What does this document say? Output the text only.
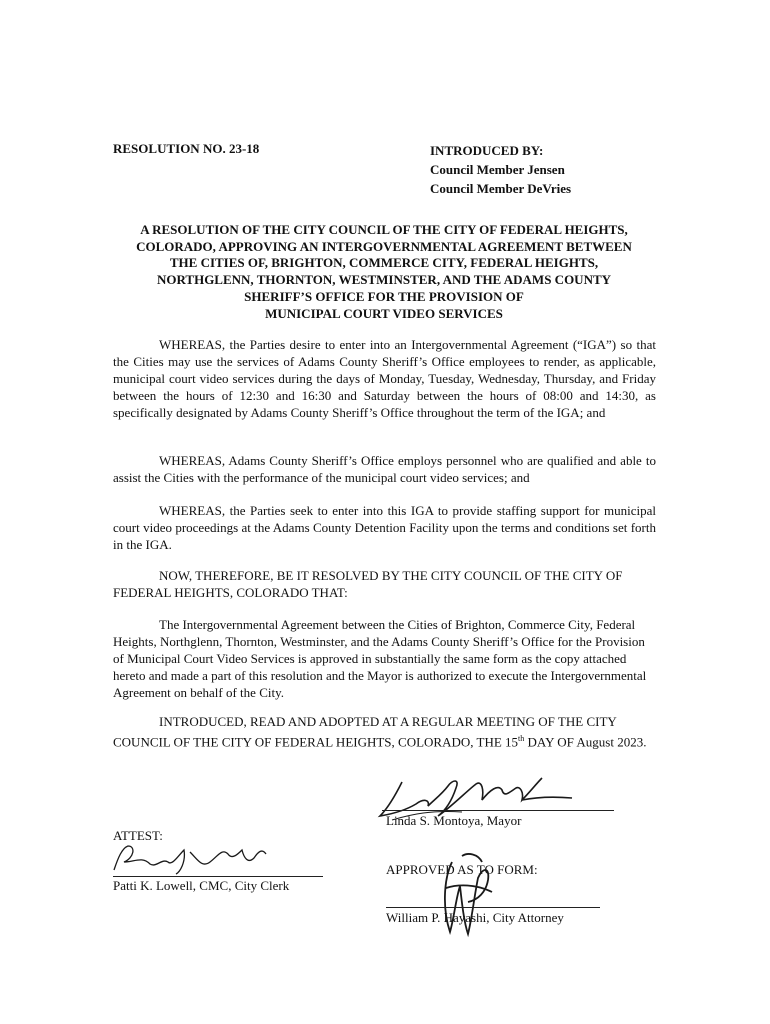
RESOLUTION NO. 23-18	INTRODUCED BY:
Council Member Jensen
Council Member DeVries
A RESOLUTION OF THE CITY COUNCIL OF THE CITY OF FEDERAL HEIGHTS,
COLORADO, APPROVING AN INTERGOVERNMENTAL AGREEMENT BETWEEN
THE CITIES OF, BRIGHTON, COMMERCE CITY, FEDERAL HEIGHTS,
NORTHGLENN, THORNTON, WESTMINSTER, AND THE ADAMS COUNTY
SHERIFF’S OFFICE FOR THE PROVISION OF
MUNICIPAL COURT VIDEO SERVICES
WHEREAS, the Parties desire to enter into an Intergovernmental Agreement (“IGA”) so that the Cities may use the services of Adams County Sheriff’s Office employees to render, as applicable, municipal court video services during the days of Monday, Tuesday, Wednesday, Thursday, and Friday between the hours of 12:30 and 16:30 and Saturday between the hours of 08:00 and 14:30, as specifically designated by Adams County Sheriff’s Office throughout the term of the IGA; and
WHEREAS, Adams County Sheriff’s Office employs personnel who are qualified and able to assist the Cities with the performance of the municipal court video services; and
WHEREAS, the Parties seek to enter into this IGA to provide staffing support for municipal court video proceedings at the Adams County Detention Facility upon the terms and conditions set forth in the IGA.
NOW, THEREFORE, BE IT RESOLVED BY THE CITY COUNCIL OF THE CITY OF FEDERAL HEIGHTS, COLORADO THAT:
The Intergovernmental Agreement between the Cities of Brighton, Commerce City, Federal Heights, Northglenn, Thornton, Westminster, and the Adams County Sheriff’s Office for the Provision of Municipal Court Video Services is approved in substantially the same form as the copy attached hereto and made a part of this resolution and the Mayor is authorized to execute the Intergovernmental Agreement on behalf of the City.
INTRODUCED, READ AND ADOPTED AT A REGULAR MEETING OF THE CITY COUNCIL OF THE CITY OF FEDERAL HEIGHTS, COLORADO, THE 15th DAY OF August 2023.
Linda S. Montoya, Mayor
ATTEST:
Patti K. Lowell, CMC, City Clerk
APPROVED AS TO FORM:
William P. Hayashi, City Attorney
